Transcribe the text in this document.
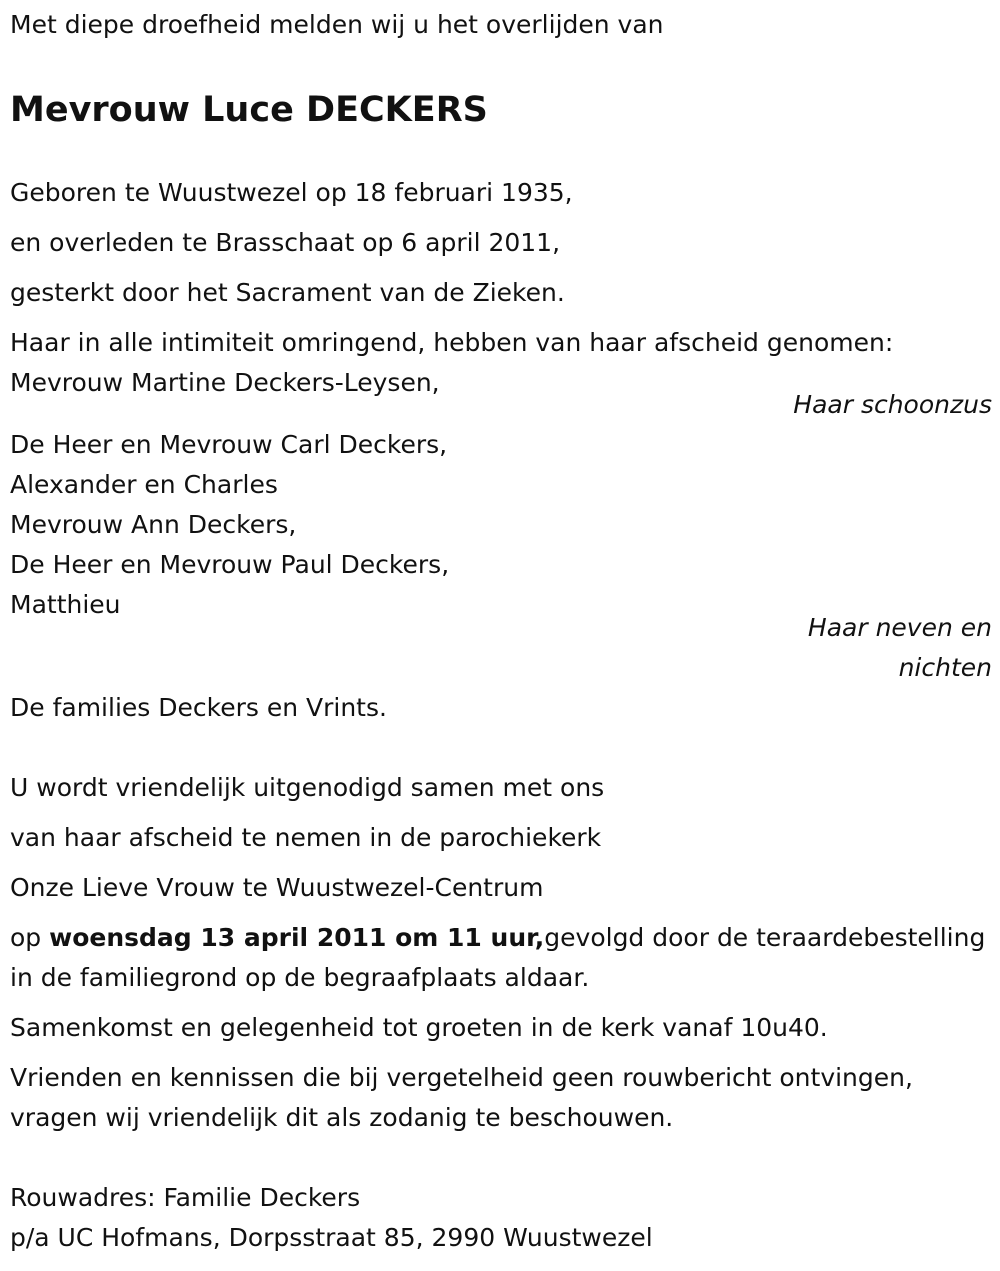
Met diepe droefheid melden wij u het overlijden van
Mevrouw Luce DECKERS
Geboren te Wuustwezel op 18 februari 1935,
en overleden te Brasschaat op 6 april 2011,
gesterkt door het Sacrament van de Zieken.
Haar in alle intimiteit omringend, hebben van haar afscheid genomen:
Mevrouw Martine Deckers-Leysen,
Haar schoonzus
De Heer en Mevrouw Carl Deckers,
Alexander en Charles
Mevrouw Ann Deckers,
De Heer en Mevrouw Paul Deckers,
Matthieu
Haar neven en
nichten
De families Deckers en Vrints.
U wordt vriendelijk uitgenodigd samen met ons
van haar afscheid te nemen in de parochiekerk
Onze Lieve Vrouw te Wuustwezel-Centrum
op woensdag 13 april 2011 om 11 uur,gevolgd door de teraardebestelling
in de familiegrond op de begraafplaats aldaar.
Samenkomst en gelegenheid tot groeten in de kerk vanaf 10u40.
Vrienden en kennissen die bij vergetelheid geen rouwbericht ontvingen,
vragen wij vriendelijk dit als zodanig te beschouwen.
Rouwadres: Familie Deckers
p/a UC Hofmans, Dorpsstraat 85, 2990 Wuustwezel
